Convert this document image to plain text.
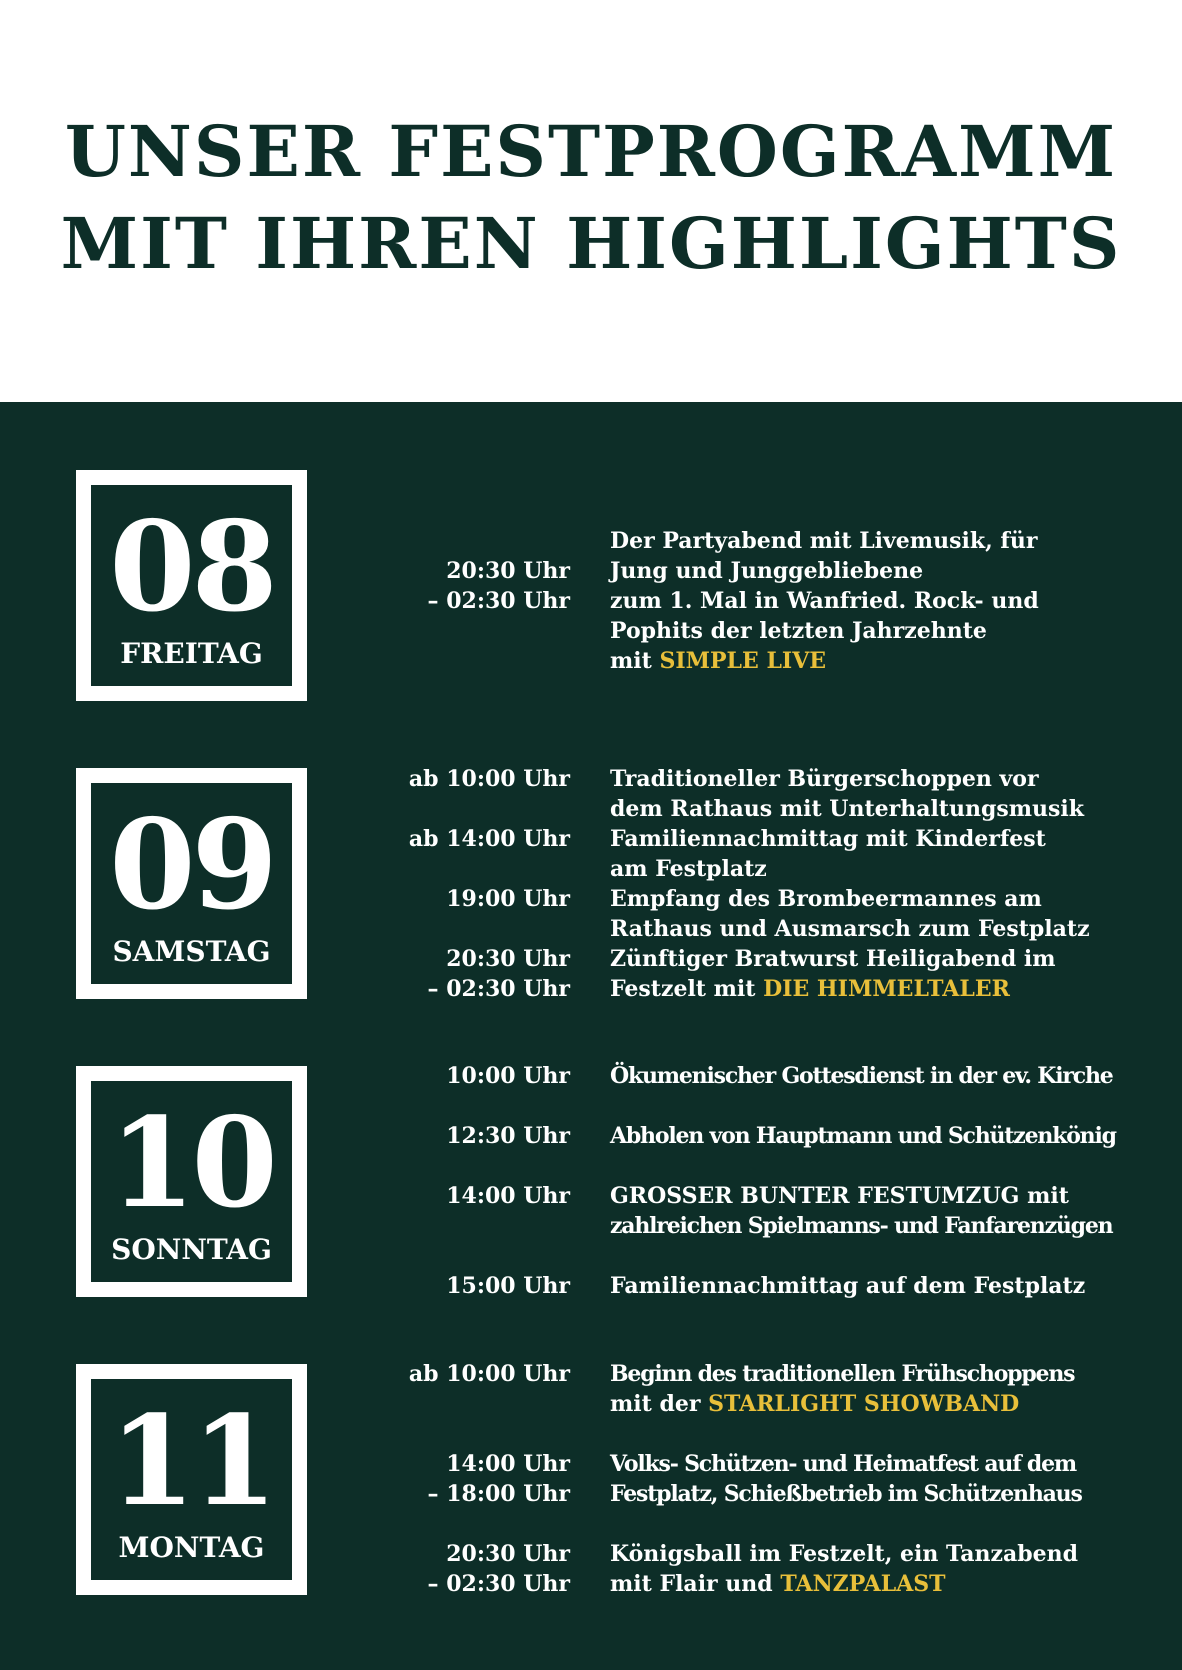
UNSER FESTPROGRAMM
MIT IHREN HIGHLIGHTS
08
FREITAG
20:30 Uhr
– 02:30 Uhr
Der Partyabend mit Livemusik, für
Jung und Junggebliebene
zum 1. Mal in Wanfried. Rock- und
Pophits der letzten Jahrzehnte
mit SIMPLE LIVE
09
SAMSTAG
ab 10:00 Uhr Traditioneller Bürgerschoppen vor
dem Rathaus mit Unterhaltungsmusik
ab 14:00 Uhr Familiennachmittag mit Kinderfest
am Festplatz
19:00 Uhr Empfang des Brombeermannes am
Rathaus und Ausmarsch zum Festplatz
20:30 Uhr
– 02:30 Uhr
Zünftiger Bratwurst Heiligabend im
Festzelt mit DIE HIMMELTALER
10
SONNTAG
10:00 Uhr Ökumenischer Gottesdienst in der ev. Kirche
12:30 Uhr Abholen von Hauptmann und Schützenkönig
14:00 Uhr GROSSER BUNTER FESTUMZUG mit
zahlreichen Spielmanns- und Fanfarenzügen
15:00 Uhr Familiennachmittag auf dem Festplatz
11
MONTAG
ab 10:00 Uhr Beginn des traditionellen Frühschoppens
mit der STARLIGHT SHOWBAND
14:00 Uhr
– 18:00 Uhr
Volks- Schützen- und Heimatfest auf dem
Festplatz, Schießbetrieb im Schützenhaus
20:30 Uhr
– 02:30 Uhr
Königsball im Festzelt, ein Tanzabend
mit Flair und TANZPALAST
